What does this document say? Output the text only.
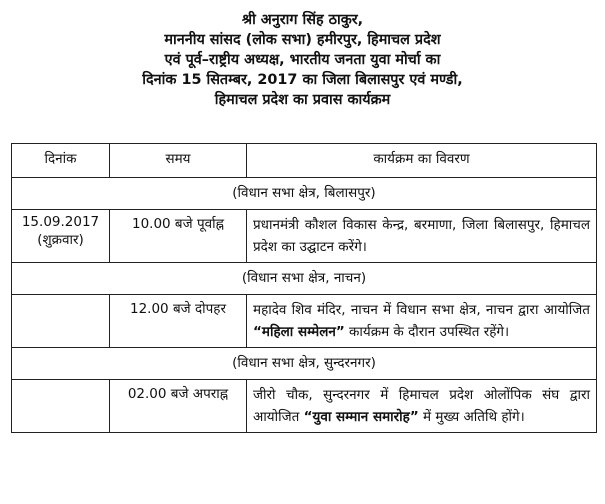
श्री अनुराग सिंह ठाकुर,
माननीय सांसद (लोक सभा) हमीरपुर, हिमाचल प्रदेश
एवं पूर्व–राष्ट्रीय अध्यक्ष, भारतीय जनता युवा मोर्चा का
दिनांक 15 सितम्बर, 2017 का जिला बिलासपुर एवं मण्डी,
हिमाचल प्रदेश का प्रवास कार्यक्रम
दिनांक	समय	कार्यक्रम का विवरण
(विधान सभा क्षेत्र, बिलासपुर)		

15.09.2017
(शुक्रवार)	10.00 बजे पूर्वाह्न	प्रधानमंत्री कौशल विकास केन्द्र, बरमाणा, जिला बिलासपुर, हिमाचल प्रदेश का उद्घाटन करेंगे।
(विधान सभा क्षेत्र, नाचन)		

	12.00 बजे दोपहर	महादेव शिव मंदिर, नाचन में विधान सभा क्षेत्र, नाचन द्वारा आयोजित “महिला सम्मेलन” कार्यक्रम के दौरान उपस्थित रहेंगे।
(विधान सभा क्षेत्र, सुन्दरनगर)		

	02.00 बजे अपराह्न	जीरो चौक, सुन्दरनगर में हिमाचल प्रदेश ओलोंपिक संघ द्वारा आयोजित “युवा सम्मान समारोह” में मुख्य अतिथि होंगे।
